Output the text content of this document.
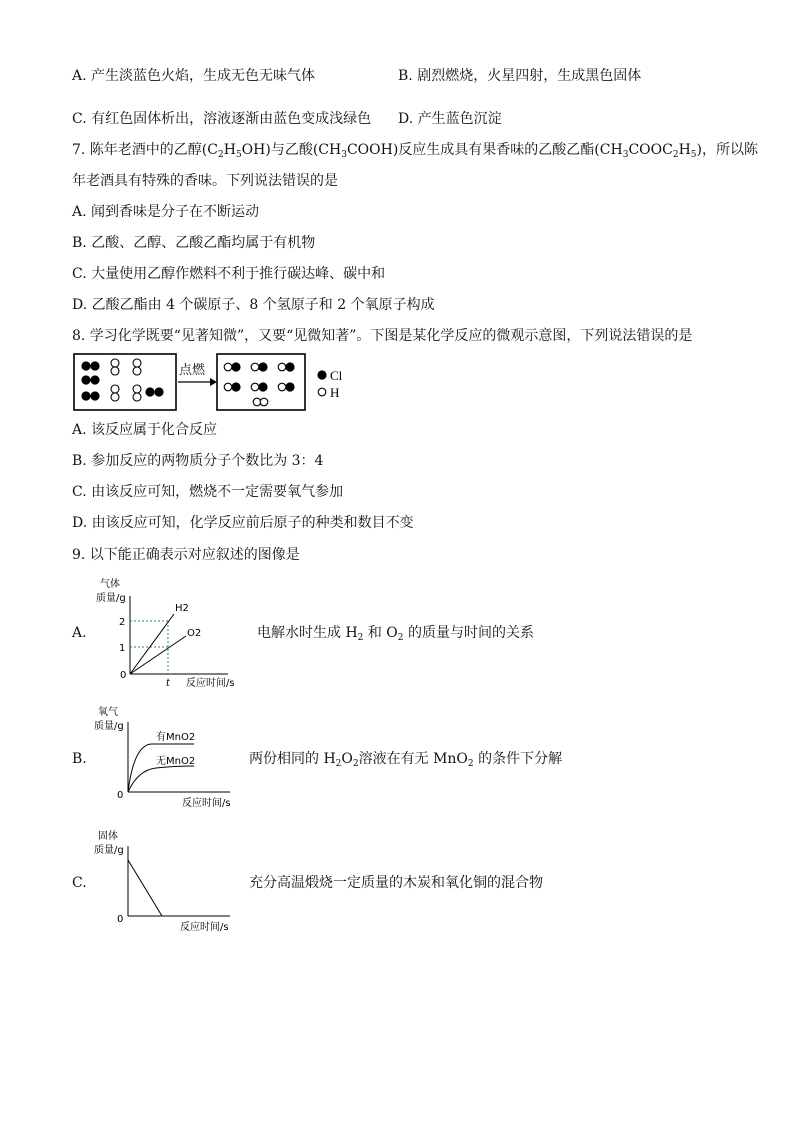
A. 产生淡蓝色火焰，生成无色无味气体	B. 剧烈燃烧，火星四射，生成黑色固体
C. 有红色固体析出，溶液逐渐由蓝色变成浅绿色 D. 产生蓝色沉淀
7. 陈年老酒中的乙醇$(C_2H_5OH)$与乙酸$(CH_3COOH)$反应生成具有果香味的乙酸乙酯$(CH_3COOC_2H_5)$，所以陈
年老酒具有特殊的香味。下列说法错误的是
A. 闻到香味是分子在不断运动
B. 乙酸、乙醇、乙酸乙酯均属于有机物
C. 大量使用乙醇作燃料不利于推行碳达峰、碳中和
D. 乙酸乙酯由 4 个碳原子、8 个氢原子和 2 个氧原子构成
8. 学习化学既要“见著知微”，又要“见微知著”。下图是某化学反应的微观示意图，下列说法错误的是
Cl
H
点燃
A. 该反应属于化合反应
B. 参加反应的两物质分子个数比为 3：4
C. 由该反应可知，燃烧不一定需要氧气参加
D. 由该反应可知，化学反应前后原子的种类和数目不变
9. 以下能正确表示对应叙述的图像是
A.
气体
质量/g
2
1
0
t 反应时间/s
H2
O2	电解水时生成 $H_2$ 和 $O_2$ 的质量与时间的关系
B.
氧气
质量/g
有MnO2
无MnO2
0
反应时间/s
两份相同的 $H_2O_2$溶液在有无 MnO$_2$ 的条件下分解
C.
固体
质量/g
0
反应时间/s
充分高温煅烧一定质量的木炭和氧化铜的混合物
